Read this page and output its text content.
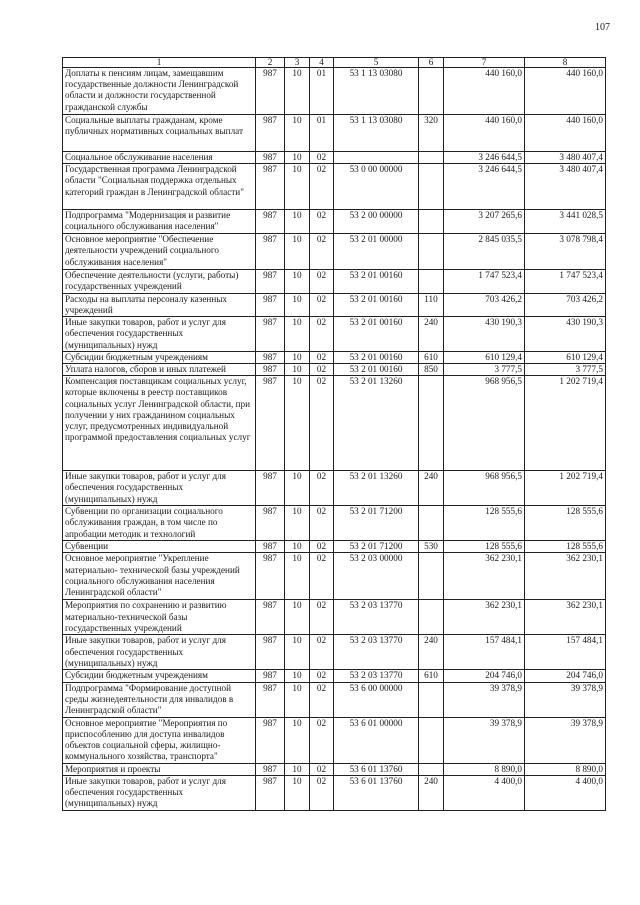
107
1	2	3	4	5	6	7	8
Доплаты к пенсиям лицам, замещавшим государственные должности Ленинградской области и должности государственной гражданской службы	987	10	01	53 1 13 03080		440 160,0	440 160,0
Социальные выплаты гражданам, кроме публичных нормативных социальных выплат	987	10	01	53 1 13 03080	320	440 160,0	440 160,0
Социальное обслуживание населения	987	10	02			3 246 644,5	3 480 407,4
Государственная программа Ленинградской области "Социальная поддержка отдельных категорий граждан в Ленинградской области"	987	10	02	53 0 00 00000		3 246 644,5	3 480 407,4
Подпрограмма "Модернизация и развитие социального обслуживания населения"	987	10	02	53 2 00 00000		3 207 265,6	3 441 028,5
Основное мероприятие "Обеспечение деятельности учреждений социального обслуживания населения"	987	10	02	53 2 01 00000		2 845 035,5	3 078 798,4
Обеспечение деятельности (услуги, работы) государственных учреждений	987	10	02	53 2 01 00160		1 747 523,4	1 747 523,4
Расходы на выплаты персоналу казенных учреждений	987	10	02	53 2 01 00160	110	703 426,2	703 426,2
Иные закупки товаров, работ и услуг для обеспечения государственных (муниципальных) нужд	987	10	02	53 2 01 00160	240	430 190,3	430 190,3
Субсидии бюджетным учреждениям	987	10	02	53 2 01 00160	610	610 129,4	610 129,4
Уплата налогов, сборов и иных платежей	987	10	02	53 2 01 00160	850	3 777,5	3 777,5
Компенсация поставщикам социальных услуг, которые включены в реестр поставщиков социальных услуг Ленинградской области, при получении у них гражданином социальных услуг, предусмотренных индивидуальной программой предоставления социальных услуг	987	10	02	53 2 01 13260		968 956,5	1 202 719,4
Иные закупки товаров, работ и услуг для обеспечения государственных (муниципальных) нужд	987	10	02	53 2 01 13260	240	968 956,5	1 202 719,4
Субвенции по организации социального обслуживания граждан, в том числе по апробации методик и технологий	987	10	02	53 2 01 71200		128 555,6	128 555,6
Субвенции	987	10	02	53 2 01 71200	530	128 555,6	128 555,6
Основное мероприятие "Укрепление материально- технической базы учреждений социального обслуживания населения Ленинградской области"	987	10	02	53 2 03 00000		362 230,1	362 230,1
Мероприятия по сохранению и развитию материально-технической базы государственных учреждений	987	10	02	53 2 03 13770		362 230,1	362 230,1
Иные закупки товаров, работ и услуг для обеспечения государственных (муниципальных) нужд	987	10	02	53 2 03 13770	240	157 484,1	157 484,1
Субсидии бюджетным учреждениям	987	10	02	53 2 03 13770	610	204 746,0	204 746,0
Подпрограмма "Формирование доступной среды жизнедеятельности для инвалидов в Ленинградской области"	987	10	02	53 6 00 00000		39 378,9	39 378,9
Основное мероприятие "Мероприятия по приспособлению для доступа инвалидов объектов социальной сферы, жилищно-коммунального хозяйства, транспорта"	987	10	02	53 6 01 00000		39 378,9	39 378,9
Мероприятия и проекты	987	10	02	53 6 01 13760		8 890,0	8 890,0
Иные закупки товаров, работ и услуг для обеспечения государственных (муниципальных) нужд	987	10	02	53 6 01 13760	240	4 400,0	4 400,0
